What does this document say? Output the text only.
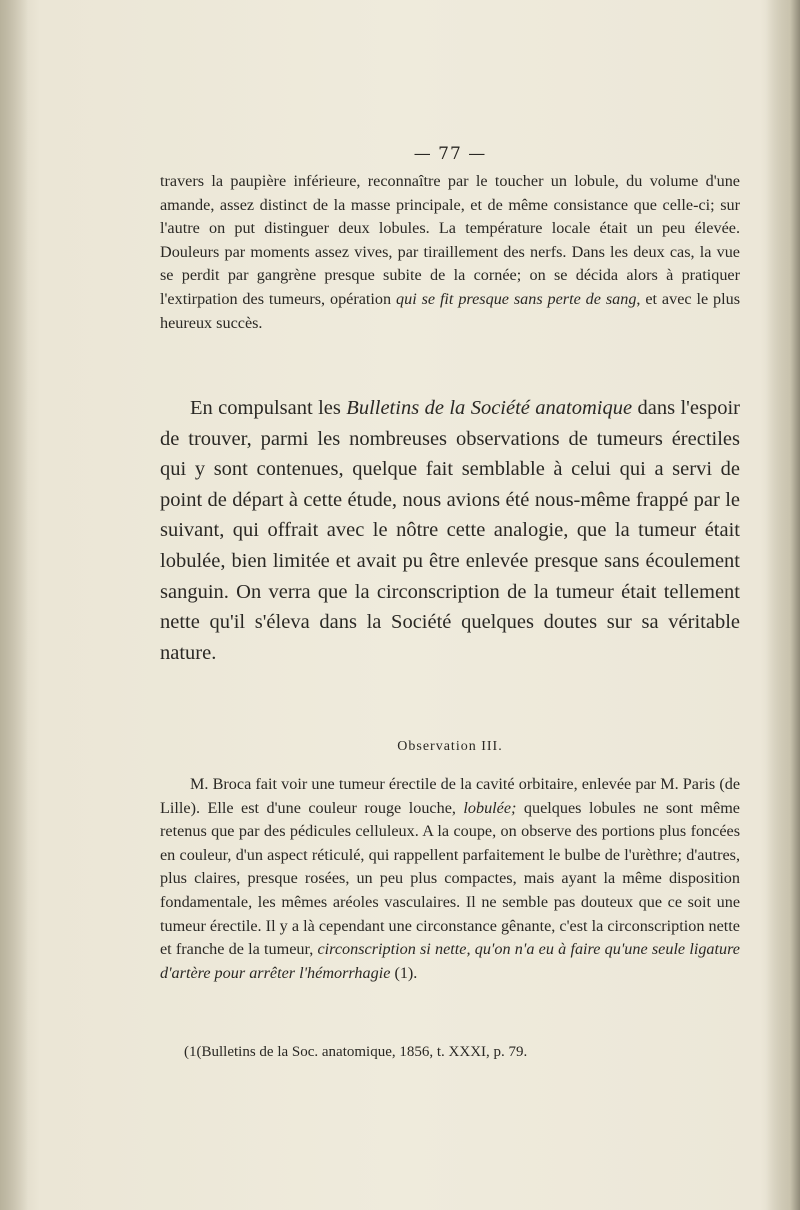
— 77 —

travers la paupière inférieure, reconnaître par le toucher un lobule, du volume d'une amande, assez distinct de la masse principale, et de même consistance que celle-ci; sur l'autre on put distinguer deux lobules. La température locale était un peu élevée. Douleurs par moments assez vives, par tiraillement des nerfs. Dans les deux cas, la vue se perdit par gangrène presque subite de la cornée; on se décida alors à pratiquer l'extirpation des tumeurs, opération qui se fit presque sans perte de sang, et avec le plus heureux succès.

En compulsant les Bulletins de la Société anatomique dans l'espoir de trouver, parmi les nombreuses observations de tumeurs érectiles qui y sont contenues, quelque fait semblable à celui qui a servi de point de départ à cette étude, nous avions été nous-même frappé par le suivant, qui offrait avec le nôtre cette analogie, que la tumeur était lobulée, bien limitée et avait pu être enlevée presque sans écoulement sanguin. On verra que la circonscription de la tumeur était tellement nette qu'il s'éleva dans la Société quelques doutes sur sa véritable nature.

Observation III.

M. Broca fait voir une tumeur érectile de la cavité orbitaire, enlevée par M. Paris (de Lille). Elle est d'une couleur rouge louche, lobulée; quelques lobules ne sont même retenus que par des pédicules celluleux. A la coupe, on observe des portions plus foncées en couleur, d'un aspect réticulé, qui rappellent parfaitement le bulbe de l'urèthre; d'autres, plus claires, presque rosées, un peu plus compactes, mais ayant la même disposition fondamentale, les mêmes aréoles vasculaires. Il ne semble pas douteux que ce soit une tumeur érectile. Il y a là cependant une circonstance gênante, c'est la circonscription nette et franche de la tumeur, circonscription si nette, qu'on n'a eu à faire qu'une seule ligature d'artère pour arrêter l'hémorrhagie (1).

(1(Bulletins de la Soc. anatomique, 1856, t. XXXI, p. 79.
